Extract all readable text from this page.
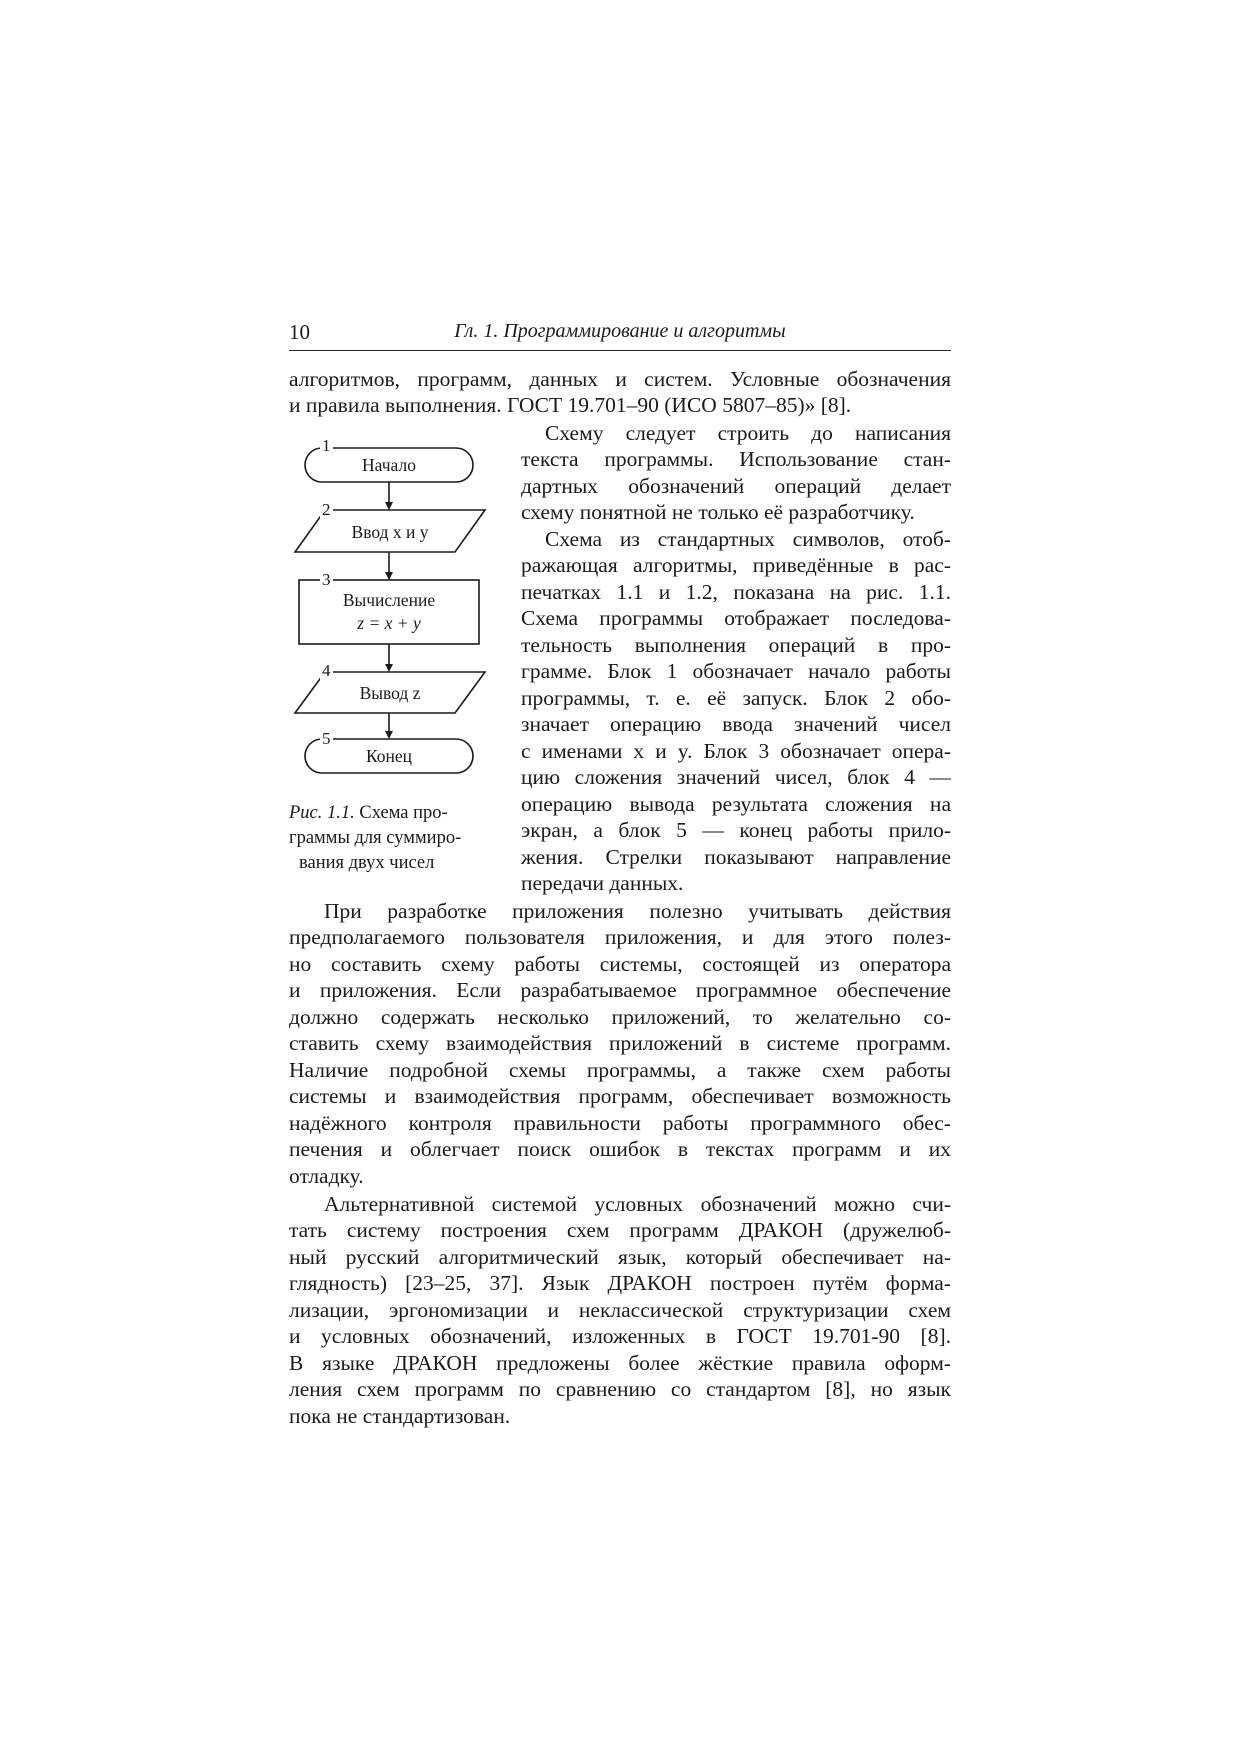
10	Гл. 1. Программирование и алгоритмы
алгоритмов, программ, данных и систем. Условные обозначения
и правила выполнения. ГОСТ 19.701–90 (ИСО 5807–85)» [8].
Схему следует строить до написания
текста программы. Использование стан-
дартных обозначений операций делает
схему понятной не только её разработчику.
Схема из стандартных символов, отоб-
ражающая алгоритмы, приведённые в рас-
печатках 1.1 и 1.2, показана на рис. 1.1.
Схема программы отображает последова-
тельность выполнения операций в про-
грамме. Блок 1 обозначает начало работы
программы, т. е. её запуск. Блок 2 обо-
значает операцию ввода значений чисел
с именами x и y. Блок 3 обозначает опера-
цию сложения значений чисел, блок 4 —
операцию вывода результата сложения на
экран, а блок 5 — конец работы прило-
жения. Стрелки показывают направление
передачи данных.
1
Начало
2
Ввод x и y
3
Вычисление
z = x + y
4
Вывод z
5
Конец
Рис. 1.1. Схема про-
граммы для суммиро-
вания двух чисел
При разработке приложения полезно учитывать действия
предполагаемого пользователя приложения, и для этого полез-
но составить схему работы системы, состоящей из оператора
и приложения. Если разрабатываемое программное обеспечение
должно содержать несколько приложений, то желательно со-
ставить схему взаимодействия приложений в системе программ.
Наличие подробной схемы программы, а также схем работы
системы и взаимодействия программ, обеспечивает возможность
надёжного контроля правильности работы программного обес-
печения и облегчает поиск ошибок в текстах программ и их
отладку.
Альтернативной системой условных обозначений можно счи-
тать систему построения схем программ ДРАКОН (дружелюб-
ный русский алгоритмический язык, который обеспечивает на-
глядность) [23–25, 37]. Язык ДРАКОН построен путём форма-
лизации, эргономизации и неклассической структуризации схем
и условных обозначений, изложенных в ГОСТ 19.701-90 [8].
В языке ДРАКОН предложены более жёсткие правила оформ-
ления схем программ по сравнению со стандартом [8], но язык
пока не стандартизован.
